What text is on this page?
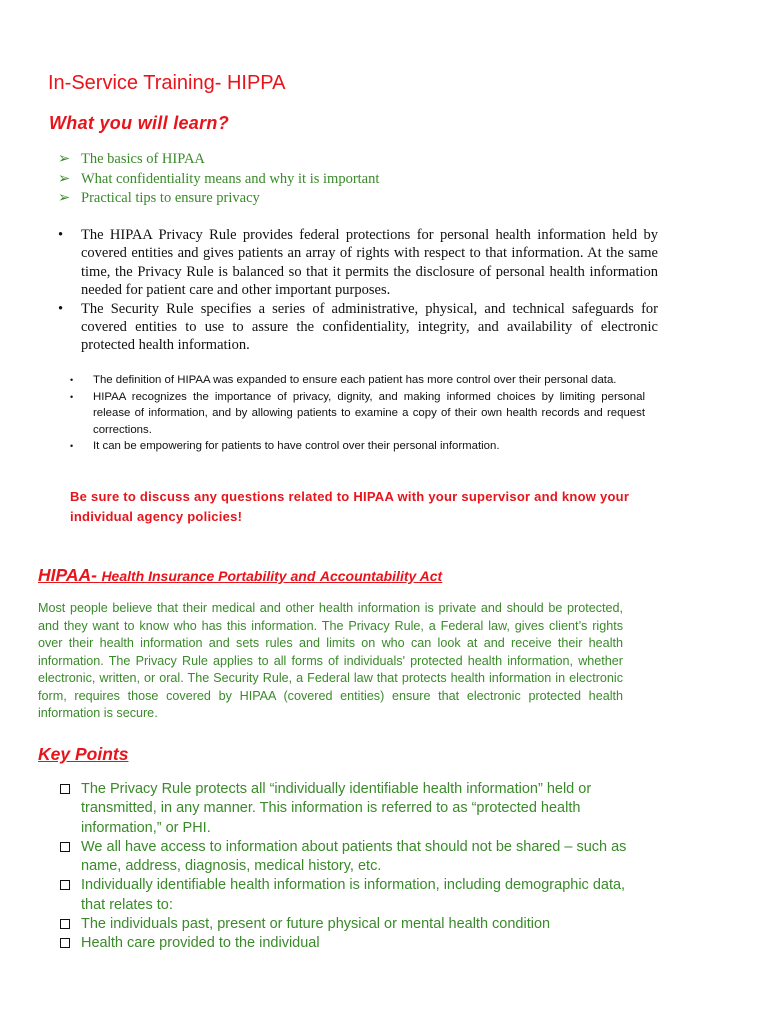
In-Service Training- HIPPA
What you will learn?
➢ The basics of HIPAA
➢ What confidentiality means and why it is important
➢ Practical tips to ensure privacy
• The HIPAA Privacy Rule provides federal protections for personal health information held by covered entities and gives patients an array of rights with respect to that information. At the same time, the Privacy Rule is balanced so that it permits the disclosure of personal health information needed for patient care and other important purposes.
• The Security Rule specifies a series of administrative, physical, and technical safeguards for covered entities to use to assure the confidentiality, integrity, and availability of electronic protected health information.
• The definition of HIPAA was expanded to ensure each patient has more control over their personal data.
• HIPAA recognizes the importance of privacy, dignity, and making informed choices by limiting personal release of information, and by allowing patients to examine a copy of their own health records and request corrections.
• It can be empowering for patients to have control over their personal information.
Be sure to discuss any questions related to HIPAA with your supervisor and know your individual agency policies!
HIPAA- Health Insurance Portability and Accountability Act

Most people believe that their medical and other health information is private and should be protected, and they want to know who has this information. The Privacy Rule, a Federal law, gives client’s rights over their health information and sets rules and limits on who can look at and receive their health information. The Privacy Rule applies to all forms of individuals' protected health information, whether electronic, written, or oral. The Security Rule, a Federal law that protects health information in electronic form, requires those covered by HIPAA (covered entities) ensure that electronic protected health information is secure.

Key Points
The Privacy Rule protects all “individually identifiable health information” held or transmitted, in any manner. This information is referred to as “protected health information,” or PHI.
We all have access to information about patients that should not be shared – such as name, address, diagnosis, medical history, etc.
Individually identifiable health information is information, including demographic data, that relates to:
The individuals past, present or future physical or mental health condition
Health care provided to the individual
